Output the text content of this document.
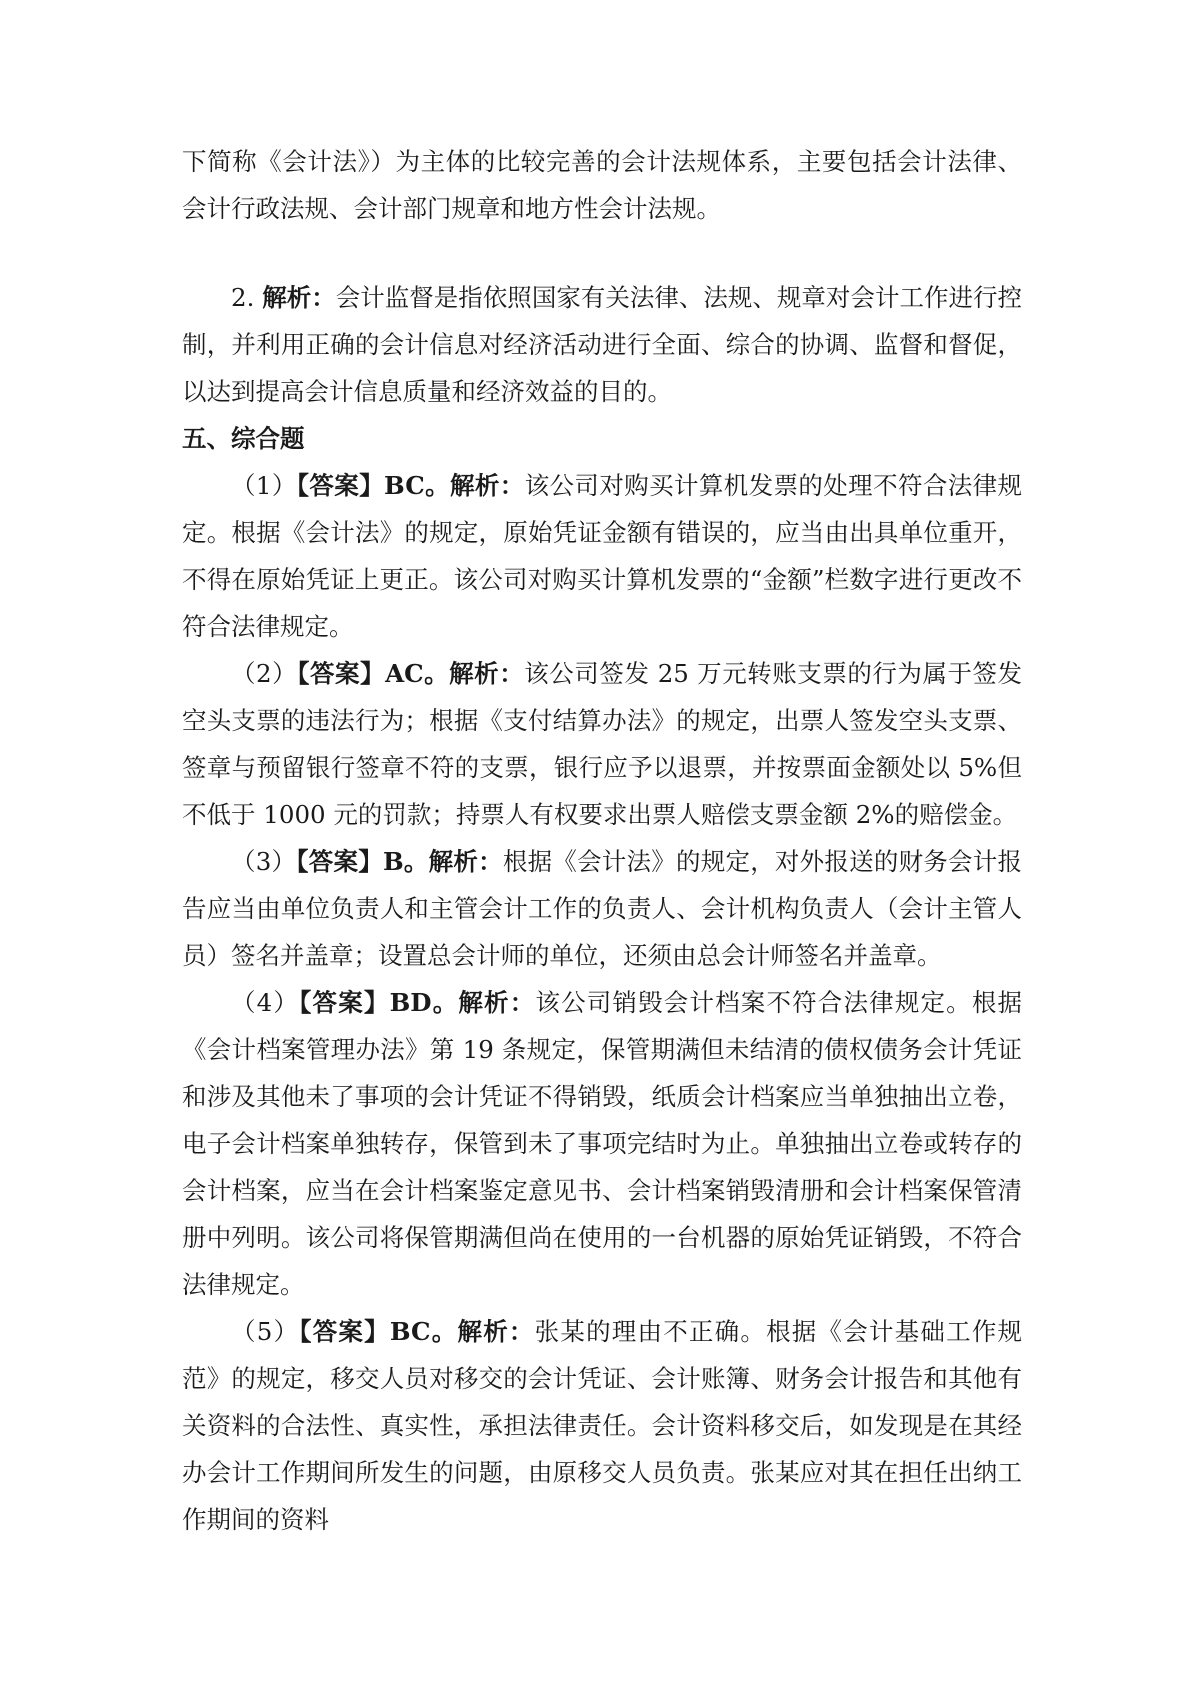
下简称《会计法》）为主体的比较完善的会计法规体系，主要包括会计法律、会计行政法规、会计部门规章和地方性会计法规。

2. 解析：会计监督是指依照国家有关法律、法规、规章对会计工作进行控制，并利用正确的会计信息对经济活动进行全面、综合的协调、监督和督促，以达到提高会计信息质量和经济效益的目的。

五、综合题

（1）【答案】BC。解析：该公司对购买计算机发票的处理不符合法律规定。根据《会计法》的规定，原始凭证金额有错误的，应当由出具单位重开，不得在原始凭证上更正。该公司对购买计算机发票的“金额”栏数字进行更改不符合法律规定。

（2）【答案】AC。解析：该公司签发 25 万元转账支票的行为属于签发空头支票的违法行为；根据《支付结算办法》的规定，出票人签发空头支票、签章与预留银行签章不符的支票，银行应予以退票，并按票面金额处以 5%但不低于 1000 元的罚款；持票人有权要求出票人赔偿支票金额 2%的赔偿金。

（3）【答案】B。解析：根据《会计法》的规定，对外报送的财务会计报告应当由单位负责人和主管会计工作的负责人、会计机构负责人（会计主管人员）签名并盖章；设置总会计师的单位，还须由总会计师签名并盖章。

（4）【答案】BD。解析：该公司销毁会计档案不符合法律规定。根据《会计档案管理办法》第 19 条规定，保管期满但未结清的债权债务会计凭证和涉及其他未了事项的会计凭证不得销毁，纸质会计档案应当单独抽出立卷，电子会计档案单独转存，保管到未了事项完结时为止。单独抽出立卷或转存的会计档案，应当在会计档案鉴定意见书、会计档案销毁清册和会计档案保管清册中列明。该公司将保管期满但尚在使用的一台机器的原始凭证销毁，不符合法律规定。

（5）【答案】BC。解析：张某的理由不正确。根据《会计基础工作规范》的规定，移交人员对移交的会计凭证、会计账簿、财务会计报告和其他有关资料的合法性、真实性，承担法律责任。会计资料移交后，如发现是在其经办会计工作期间所发生的问题，由原移交人员负责。张某应对其在担任出纳工作期间的资料
